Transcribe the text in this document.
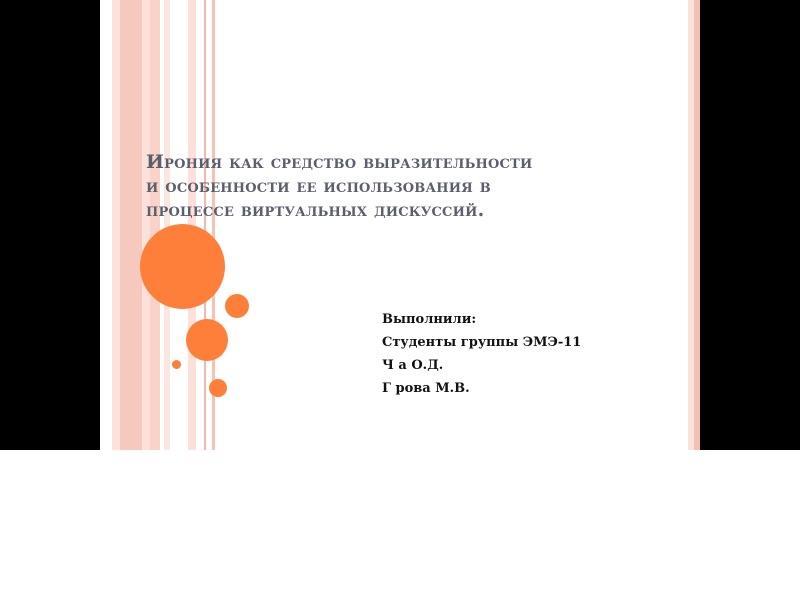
Ирония как средство выразительности
и особенности ее использования в
процессе виртуальных дискуссий.
Выполнили:
Студенты группы ЭМЭ-11
Ч а О.Д.
Г рова М.В.
